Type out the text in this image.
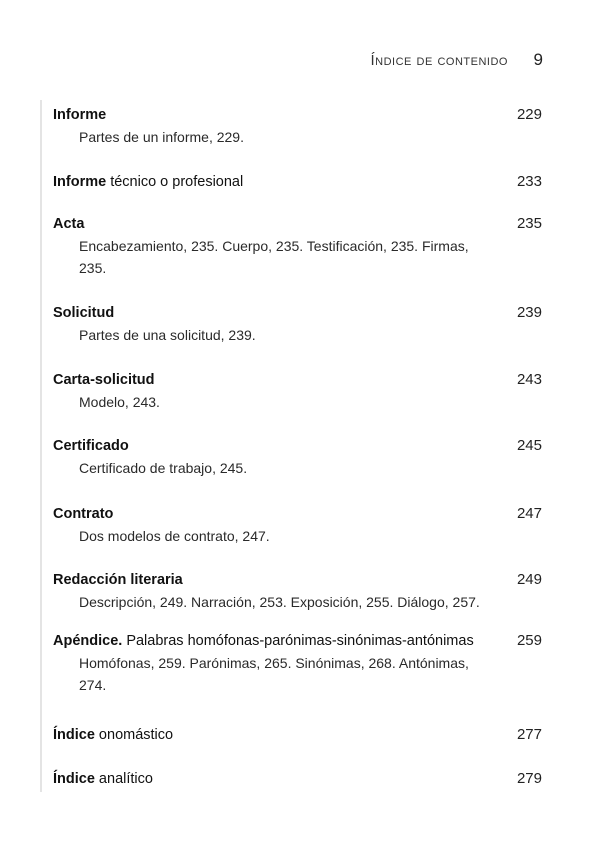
Índice de contenido 9
Informe	229
Partes de un informe, 229.
Informe técnico o profesional	233
Acta	235
Encabezamiento, 235. Cuerpo, 235. Testificación, 235. Firmas, 235.
Solicitud	239
Partes de una solicitud, 239.
Carta-solicitud	243
Modelo, 243.
Certificado	245
Certificado de trabajo, 245.
Contrato	247
Dos modelos de contrato, 247.
Redacción literaria	249
Descripción, 249. Narración, 253. Exposición, 255. Diálogo, 257.
Apéndice. Palabras homófonas-parónimas-sinónimas-antónimas	259
Homófonas, 259. Parónimas, 265. Sinónimas, 268. Antónimas, 274.
Índice onomástico	277
Índice analítico	279
